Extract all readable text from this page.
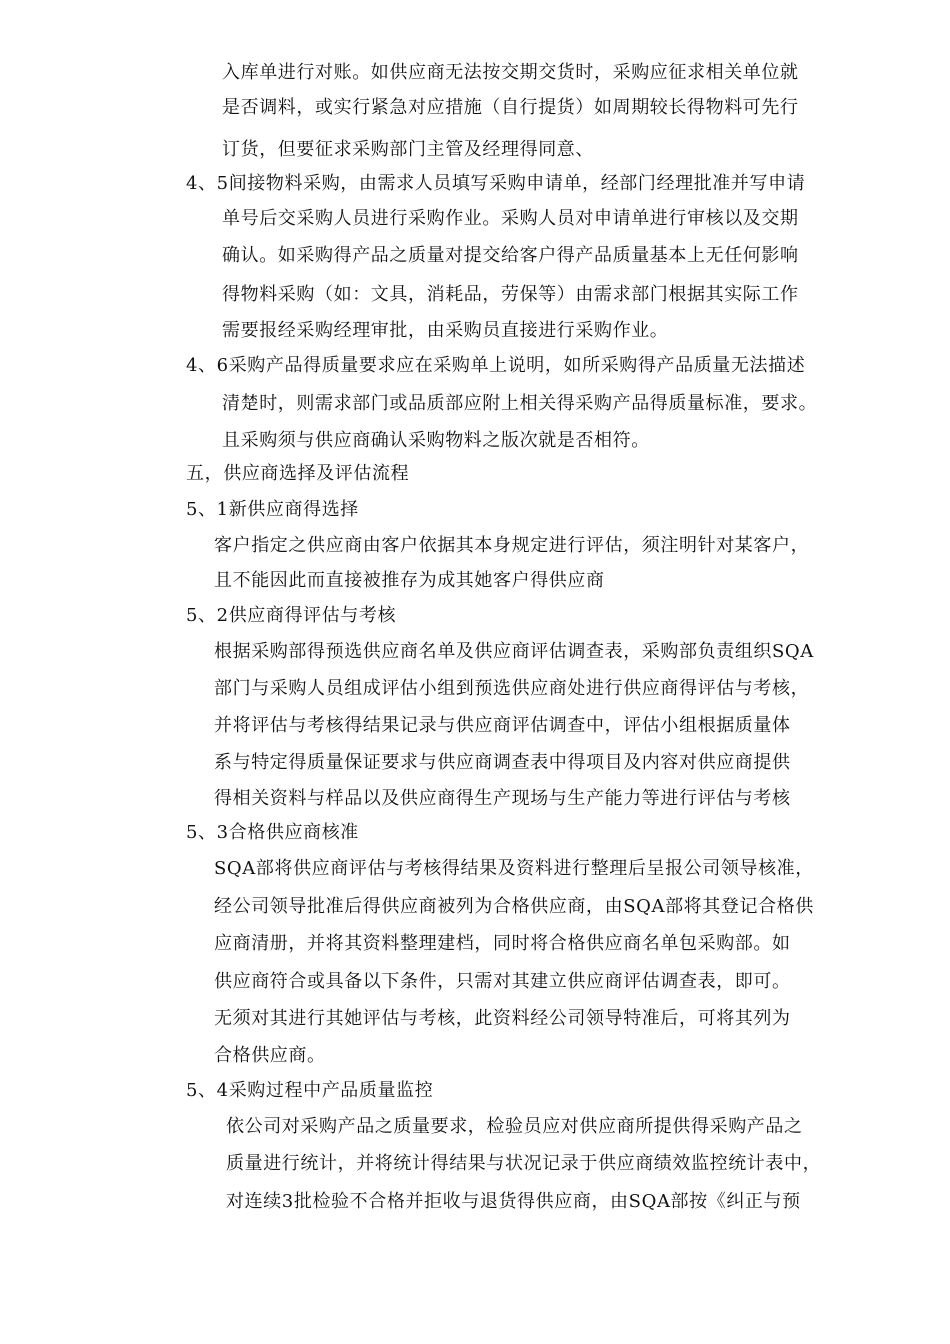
入库单进行对账。如供应商无法按交期交货时，采购应征求相关单位就
是否调料，或实行紧急对应措施（自行提货）如周期较长得物料可先行
订货，但要征求采购部门主管及经理得同意、
4、5间接物料采购，由需求人员填写采购申请单，经部门经理批准并写申请
单号后交采购人员进行采购作业。采购人员对申请单进行审核以及交期
确认。如采购得产品之质量对提交给客户得产品质量基本上无任何影响
得物料采购（如：文具，消耗品，劳保等）由需求部门根据其实际工作
需要报经采购经理审批，由采购员直接进行采购作业。
4、6采购产品得质量要求应在采购单上说明，如所采购得产品质量无法描述
清楚时，则需求部门或品质部应附上相关得采购产品得质量标准，要求。
且采购须与供应商确认采购物料之版次就是否相符。
五，供应商选择及评估流程
5、1新供应商得选择
客户指定之供应商由客户依据其本身规定进行评估，须注明针对某客户，
且不能因此而直接被推存为成其她客户得供应商
5、2供应商得评估与考核
根据采购部得预选供应商名单及供应商评估调查表，采购部负责组织SQA
部门与采购人员组成评估小组到预选供应商处进行供应商得评估与考核，
并将评估与考核得结果记录与供应商评估调查中，评估小组根据质量体
系与特定得质量保证要求与供应商调查表中得项目及内容对供应商提供
得相关资料与样品以及供应商得生产现场与生产能力等进行评估与考核
5、3合格供应商核准
SQA部将供应商评估与考核得结果及资料进行整理后呈报公司领导核准，
经公司领导批准后得供应商被列为合格供应商，由SQA部将其登记合格供
应商清册，并将其资料整理建档，同时将合格供应商名单包采购部。如
供应商符合或具备以下条件，只需对其建立供应商评估调查表，即可。
无须对其进行其她评估与考核，此资料经公司领导特准后，可将其列为
合格供应商。
5、4采购过程中产品质量监控
依公司对采购产品之质量要求，检验员应对供应商所提供得采购产品之
质量进行统计，并将统计得结果与状况记录于供应商绩效监控统计表中，
对连续3批检验不合格并拒收与退货得供应商，由SQA部按《纠正与预
